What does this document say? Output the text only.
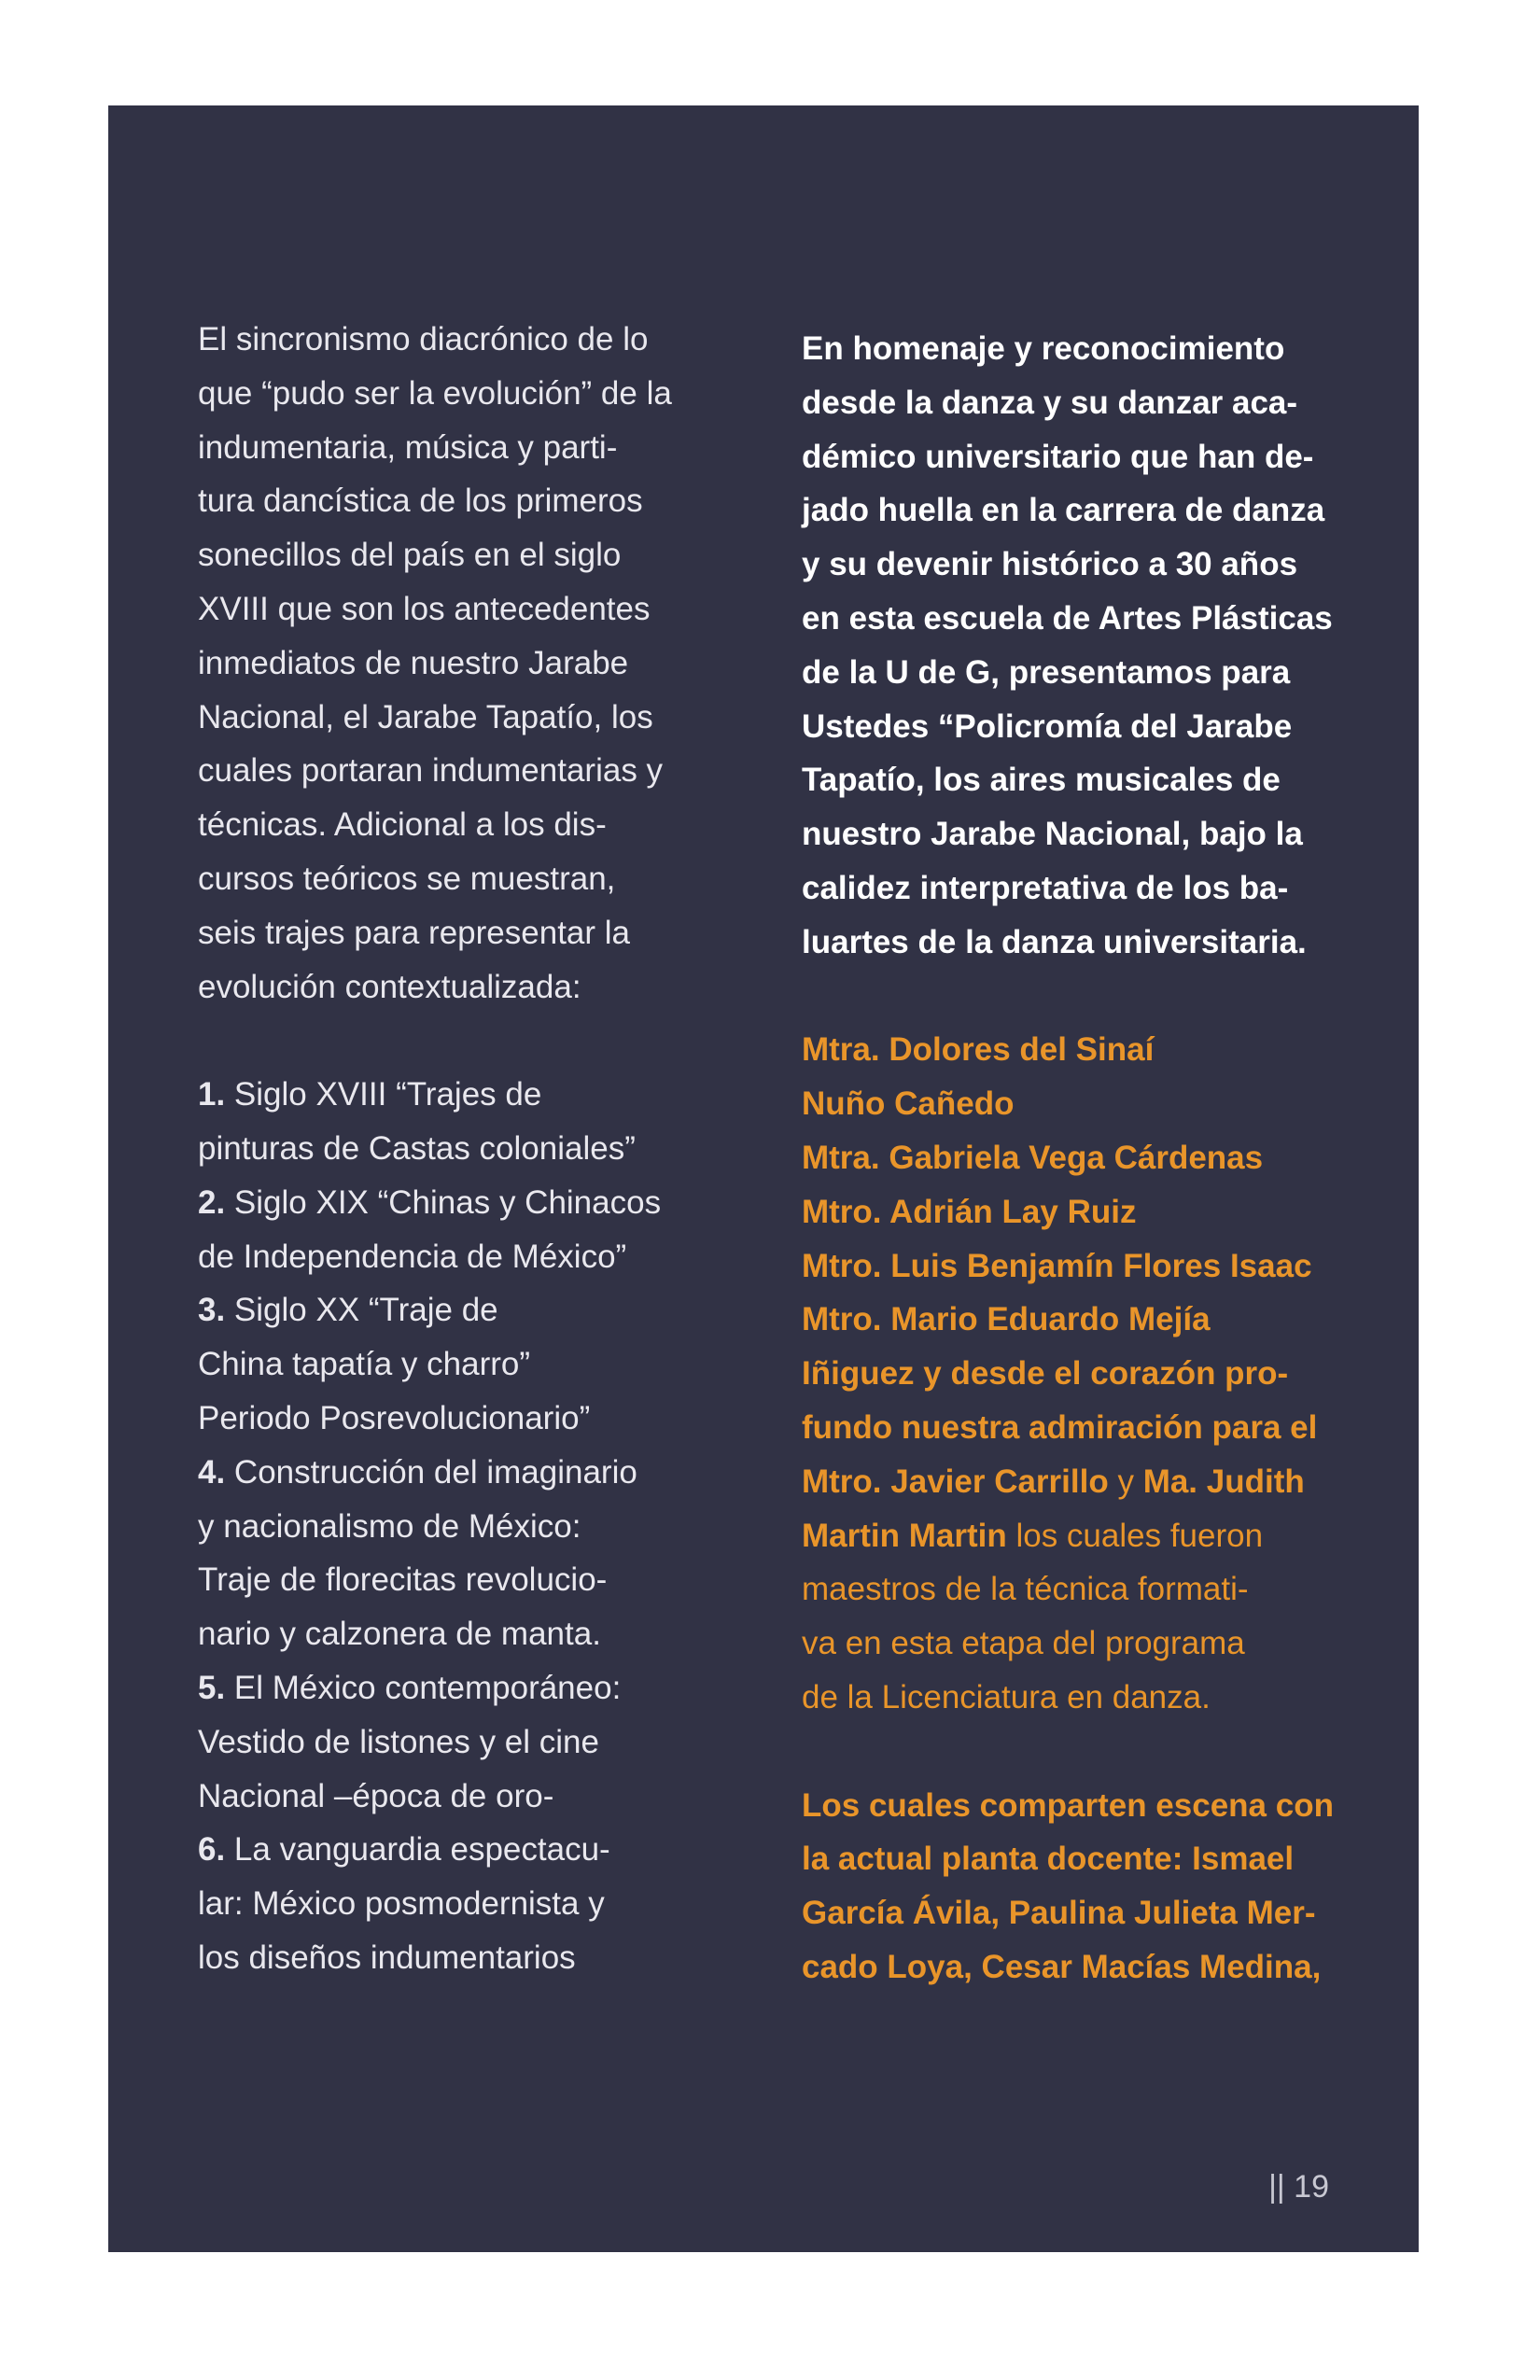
El sincronismo diacrónico de lo
que “pudo ser la evolución” de la
indumentaria, música y parti-
tura dancística de los primeros
sonecillos del país en el siglo
XVIII que son los antecedentes
inmediatos de nuestro Jarabe
Nacional, el Jarabe Tapatío, los
cuales portaran indumentarias y
técnicas. Adicional a los dis-
cursos teóricos se muestran,
seis trajes para representar la
evolución contextualizada:
1. Siglo XVIII “Trajes de
pinturas de Castas coloniales”
2. Siglo XIX “Chinas y Chinacos
de Independencia de México”
3. Siglo XX “Traje de
China tapatía y charro”
Periodo Posrevolucionario”
4. Construcción del imaginario
y nacionalismo de México:
Traje de florecitas revolucio-
nario y calzonera de manta.
5. El México contemporáneo:
Vestido de listones y el cine
Nacional –época de oro-
6. La vanguardia espectacu-
lar: México posmodernista y
los diseños indumentarios
En homenaje y reconocimiento
desde la danza y su danzar aca-
démico universitario que han de-
jado huella en la carrera de danza
y su devenir histórico a 30 años
en esta escuela de Artes Plásticas
de la U de G, presentamos para
Ustedes “Policromía del Jarabe
Tapatío, los aires musicales de
nuestro Jarabe Nacional, bajo la
calidez interpretativa de los ba-
luartes de la danza universitaria.
Mtra. Dolores del Sinaí
Nuño Cañedo
Mtra. Gabriela Vega Cárdenas
Mtro. Adrián Lay Ruiz
Mtro. Luis Benjamín Flores Isaac
Mtro. Mario Eduardo Mejía
Iñiguez y desde el corazón pro-
fundo nuestra admiración para el
Mtro. Javier Carrillo y Ma. Judith
Martin Martin los cuales fueron
maestros de la técnica formati-
va en esta etapa del programa
de la Licenciatura en danza.
Los cuales comparten escena con
la actual planta docente: Ismael
García Ávila, Paulina Julieta Mer-
cado Loya, Cesar Macías Medina,
|| 19
